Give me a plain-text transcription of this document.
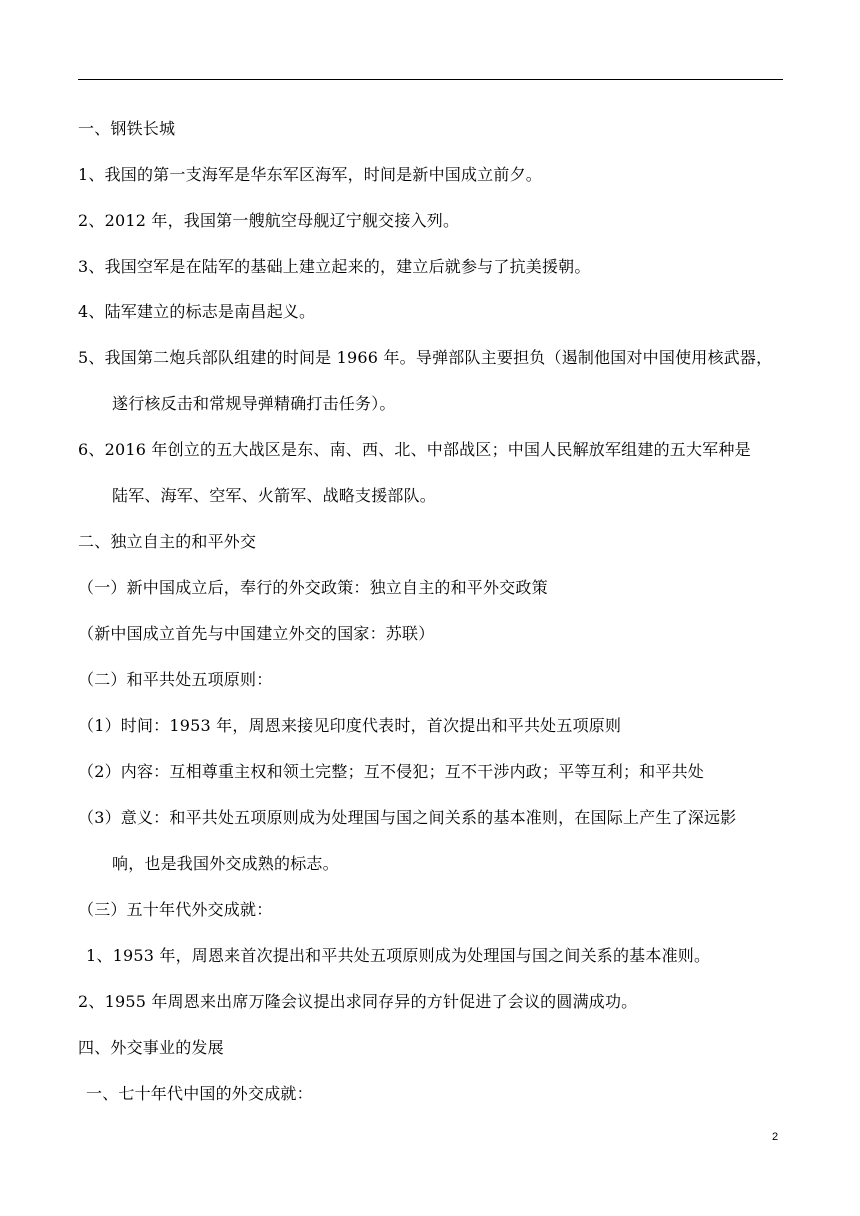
一、钢铁长城
1、我国的第一支海军是华东军区海军，时间是新中国成立前夕。
2、2012 年，我国第一艘航空母舰辽宁舰交接入列。
3、我国空军是在陆军的基础上建立起来的，建立后就参与了抗美援朝。
4、陆军建立的标志是南昌起义。
5、我国第二炮兵部队组建的时间是 1966 年。导弹部队主要担负（遏制他国对中国使用核武器，
遂行核反击和常规导弹精确打击任务）。
6、2016 年创立的五大战区是东、南、西、北、中部战区；中国人民解放军组建的五大军种是
陆军、海军、空军、火箭军、战略支援部队。
二、独立自主的和平外交
（一）新中国成立后，奉行的外交政策：独立自主的和平外交政策
（新中国成立首先与中国建立外交的国家：苏联）
（二）和平共处五项原则：
（1）时间：1953 年，周恩来接见印度代表时，首次提出和平共处五项原则
（2）内容：互相尊重主权和领土完整；互不侵犯；互不干涉内政；平等互利；和平共处
（3）意义：和平共处五项原则成为处理国与国之间关系的基本准则，在国际上产生了深远影
响，也是我国外交成熟的标志。
（三）五十年代外交成就：
1、1953 年，周恩来首次提出和平共处五项原则成为处理国与国之间关系的基本准则。
2、1955 年周恩来出席万隆会议提出求同存异的方针促进了会议的圆满成功。
四、外交事业的发展
一、七十年代中国的外交成就：
2
